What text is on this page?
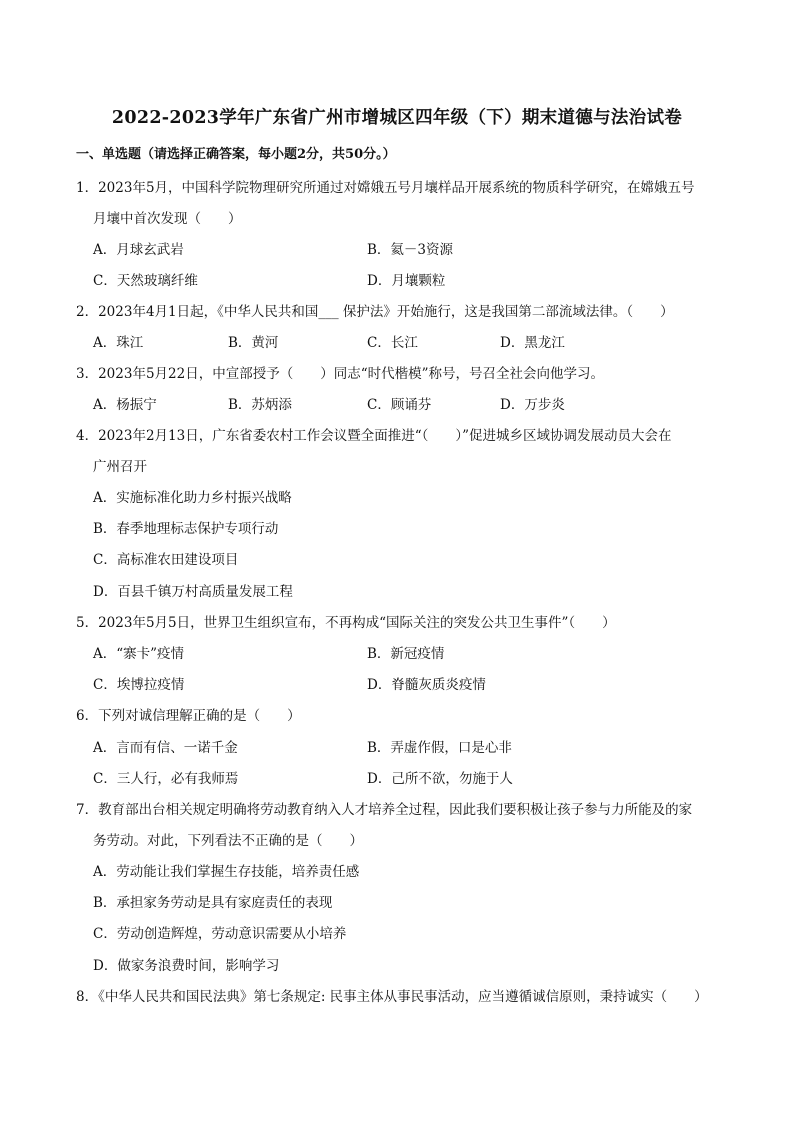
2022-2023学年广东省广州市增城区四年级（下）期末道德与法治试卷
一、单选题（请选择正确答案，每小题2分，共50分。）
1．2023年5月，中国科学院物理研究所通过对嫦娥五号月壤样品开展系统的物质科学研究，在嫦娥五号
月壤中首次发现（　　）
A．月球玄武岩	B．氦－3资源
C．天然玻璃纤维	D．月壤颗粒
2．2023年4月1日起，《中华人民共和国___ 保护法》开始施行，这是我国第二部流域法律。（　　）
A．珠江	B．黄河	C．长江	D．黑龙江
3．2023年5月22日，中宣部授予（　　）同志“时代楷模”称号，号召全社会向他学习。
A．杨振宁	B．苏炳添	C．顾诵芬	D．万步炎
4．2023年2月13日，广东省委农村工作会议暨全面推进“（　　）”促进城乡区域协调发展动员大会在
广州召开
A．实施标准化助力乡村振兴战略
B．春季地理标志保护专项行动
C．高标准农田建设项目
D．百县千镇万村高质量发展工程
5．2023年5月5日，世界卫生组织宣布，不再构成“国际关注的突发公共卫生事件”（　　）
A．“寨卡”疫情	B．新冠疫情
C．埃博拉疫情	D．脊髓灰质炎疫情
6．下列对诚信理解正确的是（　　）
A．言而有信、一诺千金	B．弄虚作假，口是心非
C．三人行，必有我师焉	D．己所不欲，勿施于人
7．教育部出台相关规定明确将劳动教育纳入人才培养全过程，因此我们要积极让孩子参与力所能及的家
务劳动。对此，下列看法不正确的是（　　）
A．劳动能让我们掌握生存技能，培养责任感
B．承担家务劳动是具有家庭责任的表现
C．劳动创造辉煌，劳动意识需要从小培养
D．做家务浪费时间，影响学习
8．《中华人民共和国民法典》第七条规定: 民事主体从事民事活动，应当遵循诚信原则，秉持诚实（　　）
